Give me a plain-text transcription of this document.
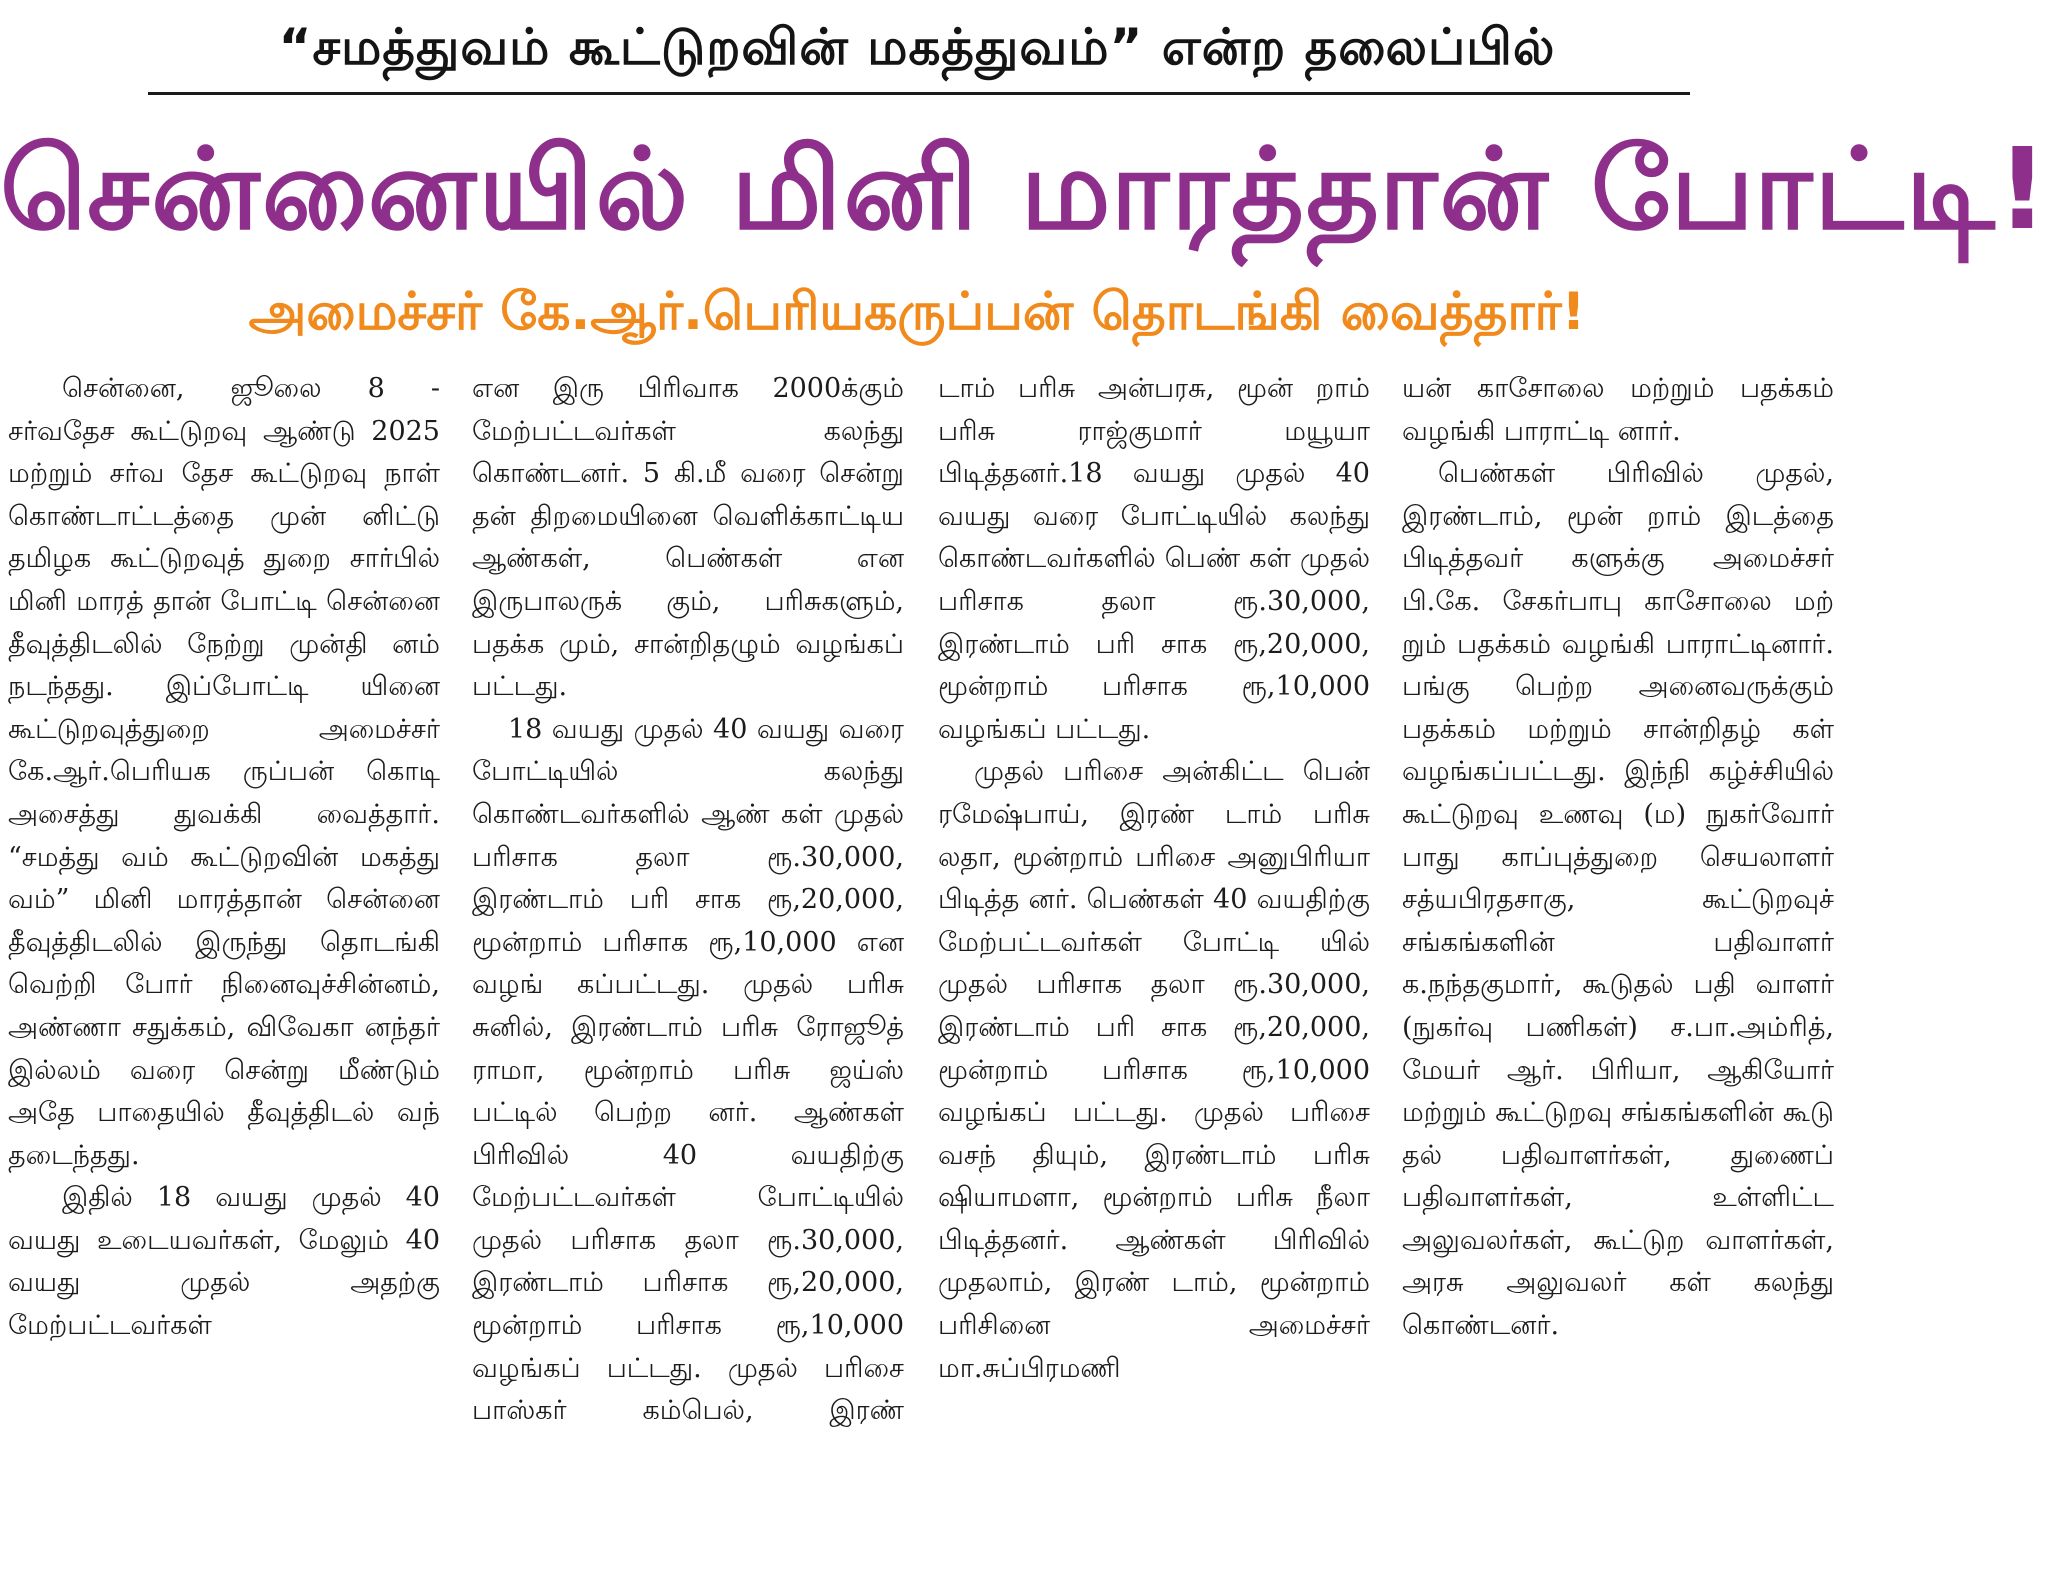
“சமத்துவம் கூட்டுறவின் மகத்துவம்” என்ற தலைப்பில்
சென்னையில் மினி மாரத்தான் போட்டி!
அமைச்சர் கே.ஆர்.பெரியகருப்பன் தொடங்கி வைத்தார்!

சென்னை, ஜூலை 8 - சர்வதேச கூட்டுறவு ஆண்டு 2025 மற்றும் சர்வ தேச கூட்டுறவு நாள் கொண்டாட்டத்தை முன் னிட்டு தமிழக கூட்டுறவுத் துறை சார்பில் மினி மாரத் தான் போட்டி சென்னை தீவுத்திடலில் நேற்று முன்தி னம் நடந்தது. இப்போட்டி யினை கூட்டுறவுத்துறை அமைச்சர் கே.ஆர்.பெரியக ருப்பன் கொடி அசைத்து துவக்கி வைத்தார். “சமத்து வம் கூட்டுறவின் மகத்து வம்” மினி மாரத்தான் சென்னை தீவுத்திடலில் இருந்து தொடங்கி வெற்றி போர் நினைவுச்சின்னம், அண்ணா சதுக்கம், விவேகா னந்தர் இல்லம் வரை சென்று மீண்டும் அதே பாதையில் தீவுத்திடல் வந் தடைந்தது.

இதில் 18 வயது முதல் 40 வயது உடையவர்கள், மேலும் 40 வயது முதல் அதற்கு மேற்பட்டவர்கள்

என இரு பிரிவாக 2000க்கும் மேற்பட்டவர்கள் கலந்து கொண்டனர். 5 கி.மீ வரை சென்று தன் திறமையினை வெளிக்காட்டிய ஆண்கள், பெண்கள் என இருபாலருக் கும், பரிசுகளும், பதக்க மும், சான்றிதழும் வழங்கப் பட்டது.

18 வயது முதல் 40 வயது வரை போட்டியில் கலந்து கொண்டவர்களில் ஆண் கள் முதல் பரிசாக தலா ரூ.30,000, இரண்டாம் பரி சாக ரூ,20,000, மூன்றாம் பரிசாக ரூ,10,000 என வழங் கப்பட்டது. முதல் பரிசு சுனில், இரண்டாம் பரிசு ரோஜூத் ராமா, மூன்றாம் பரிசு ஜய்ஸ் பட்டில் பெற்ற னர். ஆண்கள் பிரிவில் 40 வயதிற்கு மேற்பட்டவர்கள் போட்டியில் முதல் பரிசாக தலா ரூ.30,000, இரண்டாம் பரிசாக ரூ,20,000, மூன்றாம் பரிசாக ரூ,10,000 வழங்கப் பட்டது. முதல் பரிசை பாஸ்கர் கம்பெல், இரண்

டாம் பரிசு அன்பரசு, மூன் றாம் பரிசு ராஜ்குமார் மயூயா பிடித்தனர்.18 வயது முதல் 40 வயது வரை போட்டியில் கலந்து கொண்டவர்களில் பெண் கள் முதல் பரிசாக தலா ரூ.30,000, இரண்டாம் பரி சாக ரூ,20,000, மூன்றாம் பரிசாக ரூ,10,000 வழங்கப் பட்டது.

முதல் பரிசை அன்கிட்ட பென் ரமேஷ்பாய், இரண் டாம் பரிசு லதா, மூன்றாம் பரிசை அனுபிரியா பிடித்த னர். பெண்கள் 40 வயதிற்கு மேற்பட்டவர்கள் போட்டி யில் முதல் பரிசாக தலா ரூ.30,000, இரண்டாம் பரி சாக ரூ,20,000, மூன்றாம் பரிசாக ரூ,10,000 வழங்கப் பட்டது. முதல் பரிசை வசந் தியும், இரண்டாம் பரிசு ஷியாமளா, மூன்றாம் பரிசு நீலா பிடித்தனர். ஆண்கள் பிரிவில் முதலாம், இரண் டாம், மூன்றாம் பரிசினை அமைச்சர் மா.சுப்பிரமணி

யன் காசோலை மற்றும் பதக்கம் வழங்கி பாராட்டி னார்.

பெண்கள் பிரிவில் முதல், இரண்டாம், மூன் றாம் இடத்தை பிடித்தவர் களுக்கு அமைச்சர் பி.கே. சேகர்பாபு காசோலை மற் றும் பதக்கம் வழங்கி பாராட்டினார். பங்கு பெற்ற அனைவருக்கும் பதக்கம் மற்றும் சான்றிதழ் கள் வழங்கப்பட்டது. இந்நி கழ்ச்சியில் கூட்டுறவு உணவு (ம) நுகர்வோர் பாது காப்புத்துறை செயலாளர் சத்யபிரதசாகு, கூட்டுறவுச் சங்கங்களின் பதிவாளர் க.நந்தகுமார், கூடுதல் பதி வாளர் (நுகர்வு பணிகள்) ச.பா.அம்ரித், மேயர் ஆர். பிரியா, ஆகியோர் மற்றும் கூட்டுறவு சங்கங்களின் கூடு தல் பதிவாளர்கள், துணைப் பதிவாளர்கள், உள்ளிட்ட அலுவலர்கள், கூட்டுற வாளர்கள், அரசு அலுவலர் கள் கலந்து கொண்டனர்.
